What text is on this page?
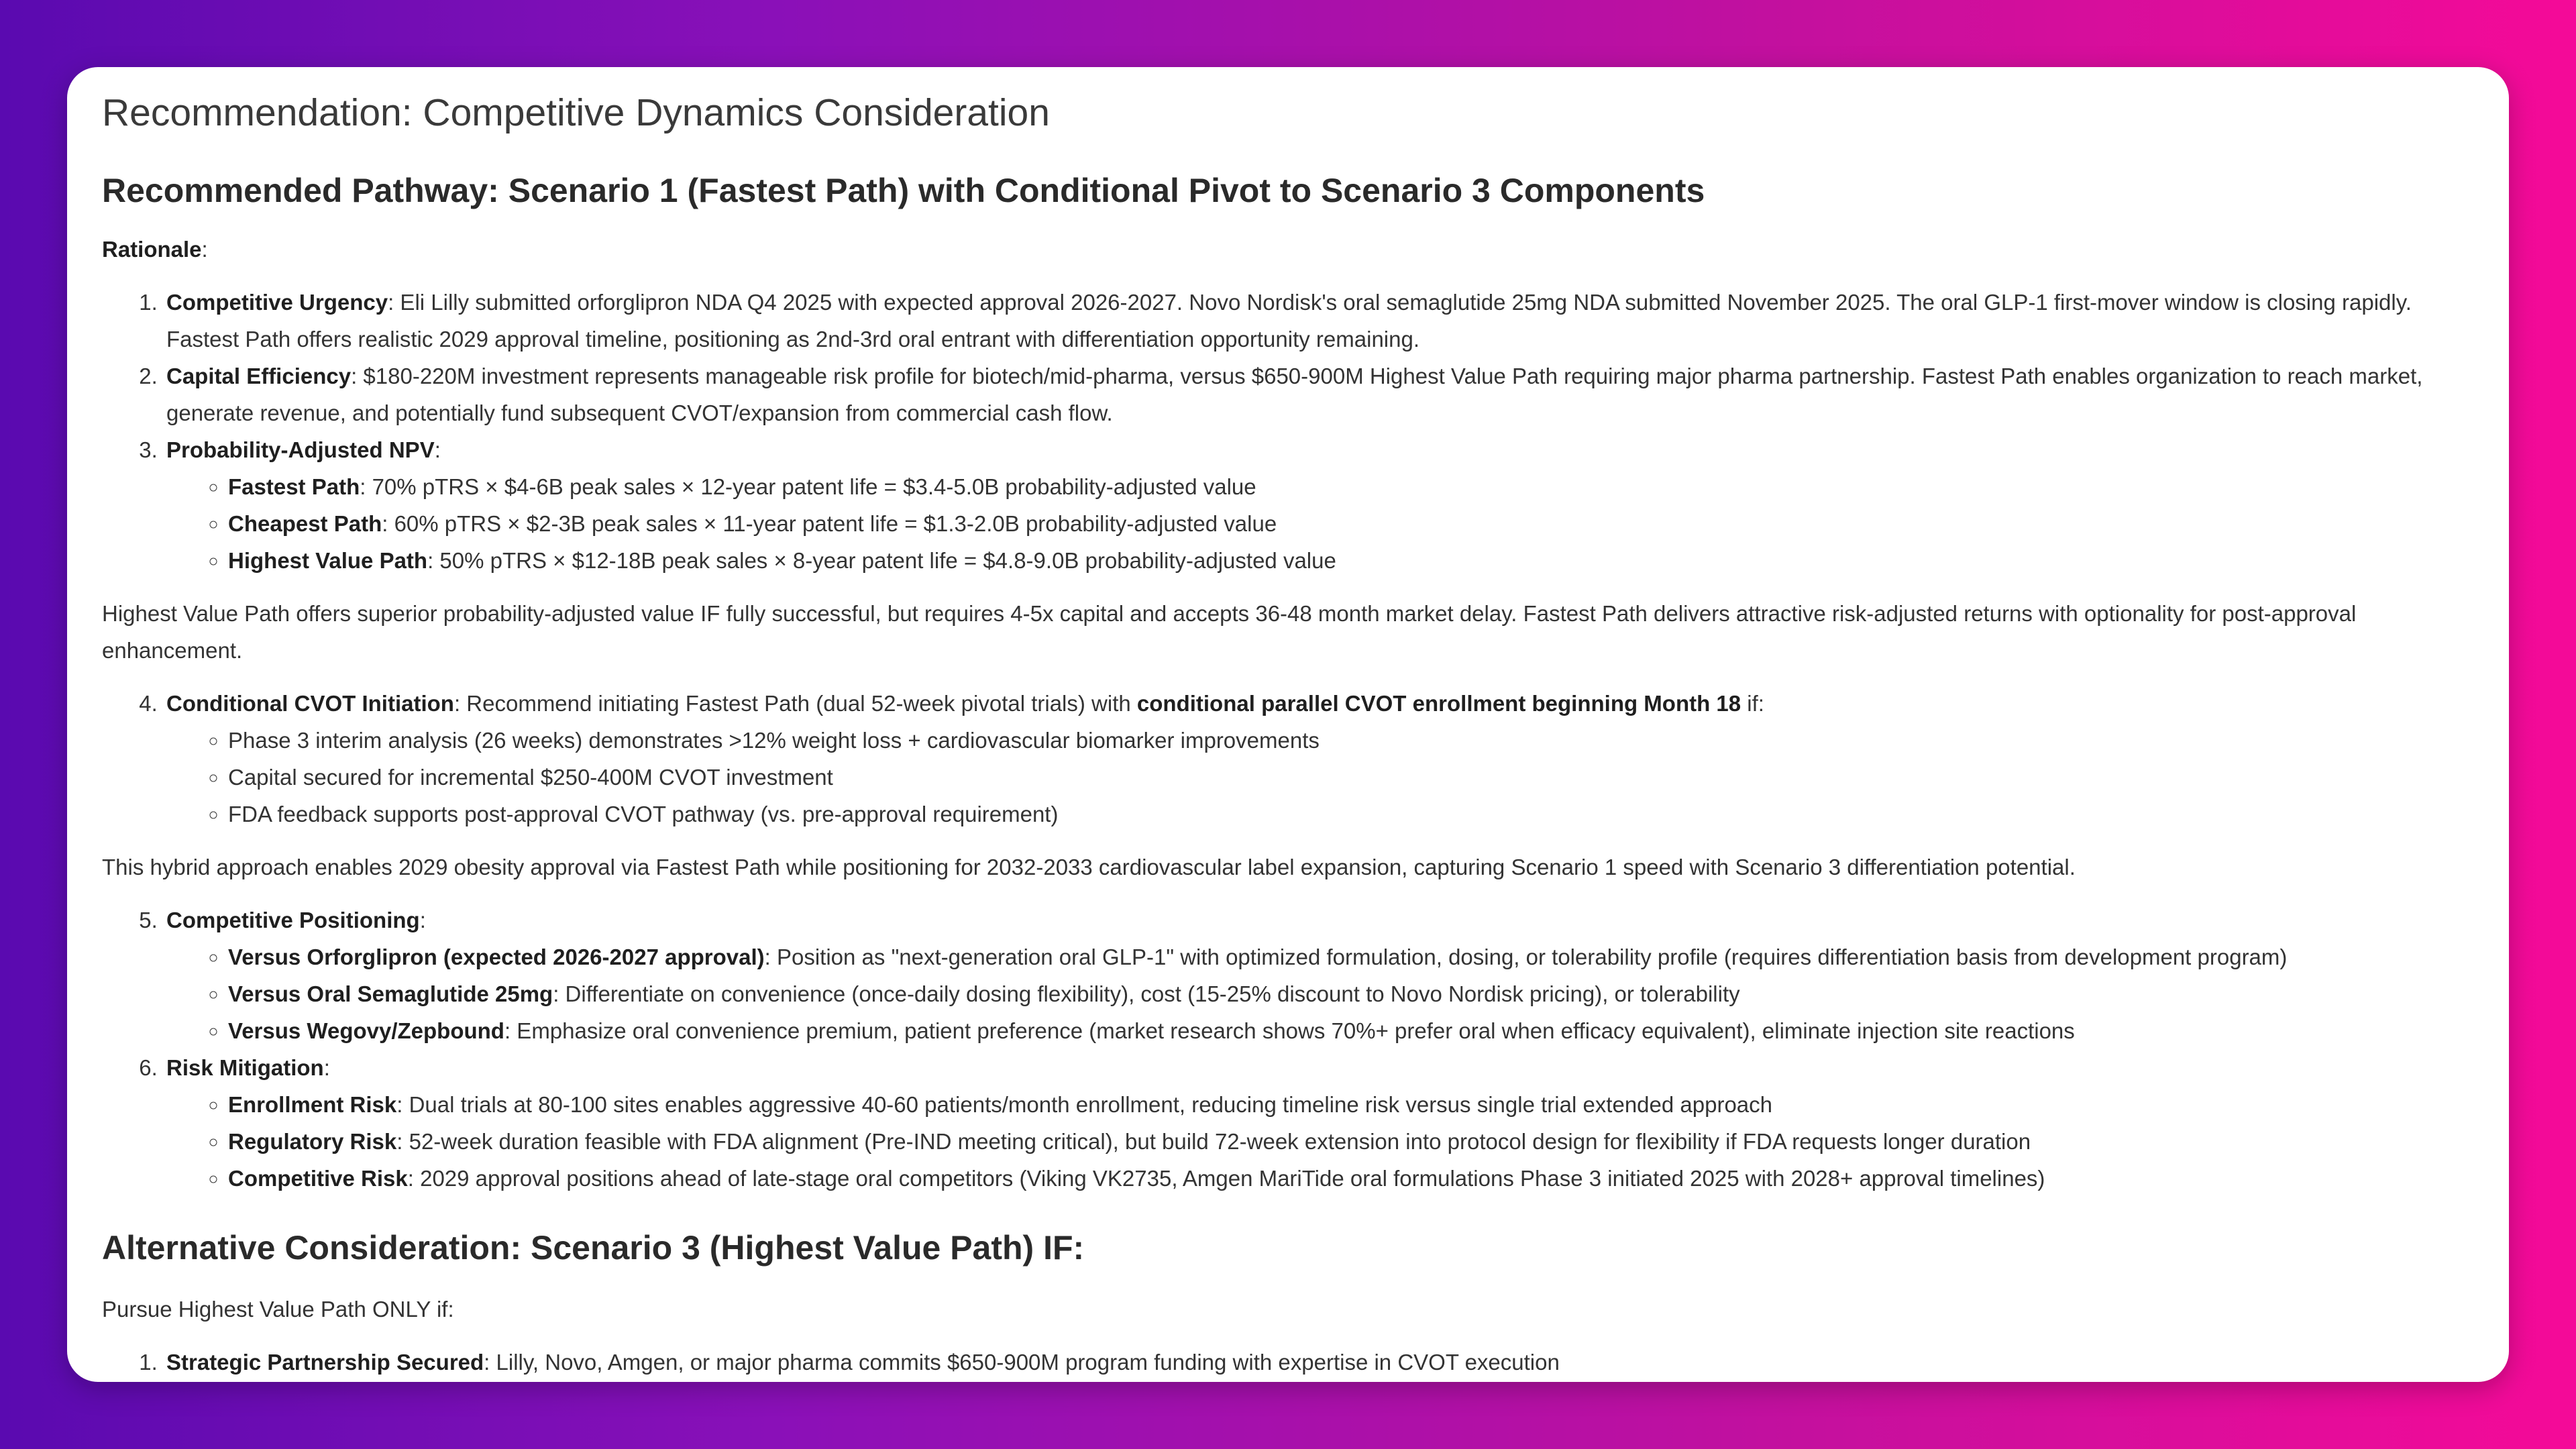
Recommendation: Competitive Dynamics Consideration
Recommended Pathway: Scenario 1 (Fastest Path) with Conditional Pivot to Scenario 3 Components

Rationale:

1. Competitive Urgency: Eli Lilly submitted orforglipron NDA Q4 2025 with expected approval 2026-2027. Novo Nordisk's oral semaglutide 25mg NDA submitted November 2025. The oral GLP-1 first-mover window is closing rapidly. Fastest Path offers realistic 2029 approval timeline, positioning as 2nd-3rd oral entrant with differentiation opportunity remaining.
2. Capital Efficiency: $180-220M investment represents manageable risk profile for biotech/mid-pharma, versus $650-900M Highest Value Path requiring major pharma partnership. Fastest Path enables organization to reach market, generate revenue, and potentially fund subsequent CVOT/expansion from commercial cash flow.
3. Probability-Adjusted NPV:
◦ Fastest Path: 70% pTRS × $4-6B peak sales × 12-year patent life = $3.4-5.0B probability-adjusted value
◦ Cheapest Path: 60% pTRS × $2-3B peak sales × 11-year patent life = $1.3-2.0B probability-adjusted value
◦ Highest Value Path: 50% pTRS × $12-18B peak sales × 8-year patent life = $4.8-9.0B probability-adjusted value

Highest Value Path offers superior probability-adjusted value IF fully successful, but requires 4-5x capital and accepts 36-48 month market delay. Fastest Path delivers attractive risk-adjusted returns with optionality for post-approval enhancement.

4. Conditional CVOT Initiation: Recommend initiating Fastest Path (dual 52-week pivotal trials) with conditional parallel CVOT enrollment beginning Month 18 if:
◦ Phase 3 interim analysis (26 weeks) demonstrates >12% weight loss + cardiovascular biomarker improvements
◦ Capital secured for incremental $250-400M CVOT investment
◦ FDA feedback supports post-approval CVOT pathway (vs. pre-approval requirement)

This hybrid approach enables 2029 obesity approval via Fastest Path while positioning for 2032-2033 cardiovascular label expansion, capturing Scenario 1 speed with Scenario 3 differentiation potential.

5. Competitive Positioning:
◦ Versus Orforglipron (expected 2026-2027 approval): Position as "next-generation oral GLP-1" with optimized formulation, dosing, or tolerability profile (requires differentiation basis from development program)
◦ Versus Oral Semaglutide 25mg: Differentiate on convenience (once-daily dosing flexibility), cost (15-25% discount to Novo Nordisk pricing), or tolerability
◦ Versus Wegovy/Zepbound: Emphasize oral convenience premium, patient preference (market research shows 70%+ prefer oral when efficacy equivalent), eliminate injection site reactions
6. Risk Mitigation:
◦ Enrollment Risk: Dual trials at 80-100 sites enables aggressive 40-60 patients/month enrollment, reducing timeline risk versus single trial extended approach
◦ Regulatory Risk: 52-week duration feasible with FDA alignment (Pre-IND meeting critical), but build 72-week extension into protocol design for flexibility if FDA requests longer duration
◦ Competitive Risk: 2029 approval positions ahead of late-stage oral competitors (Viking VK2735, Amgen MariTide oral formulations Phase 3 initiated 2025 with 2028+ approval timelines)
Alternative Consideration: Scenario 3 (Highest Value Path) IF:

Pursue Highest Value Path ONLY if:

1. Strategic Partnership Secured: Lilly, Novo, Amgen, or major pharma commits $650-900M program funding with expertise in CVOT execution
